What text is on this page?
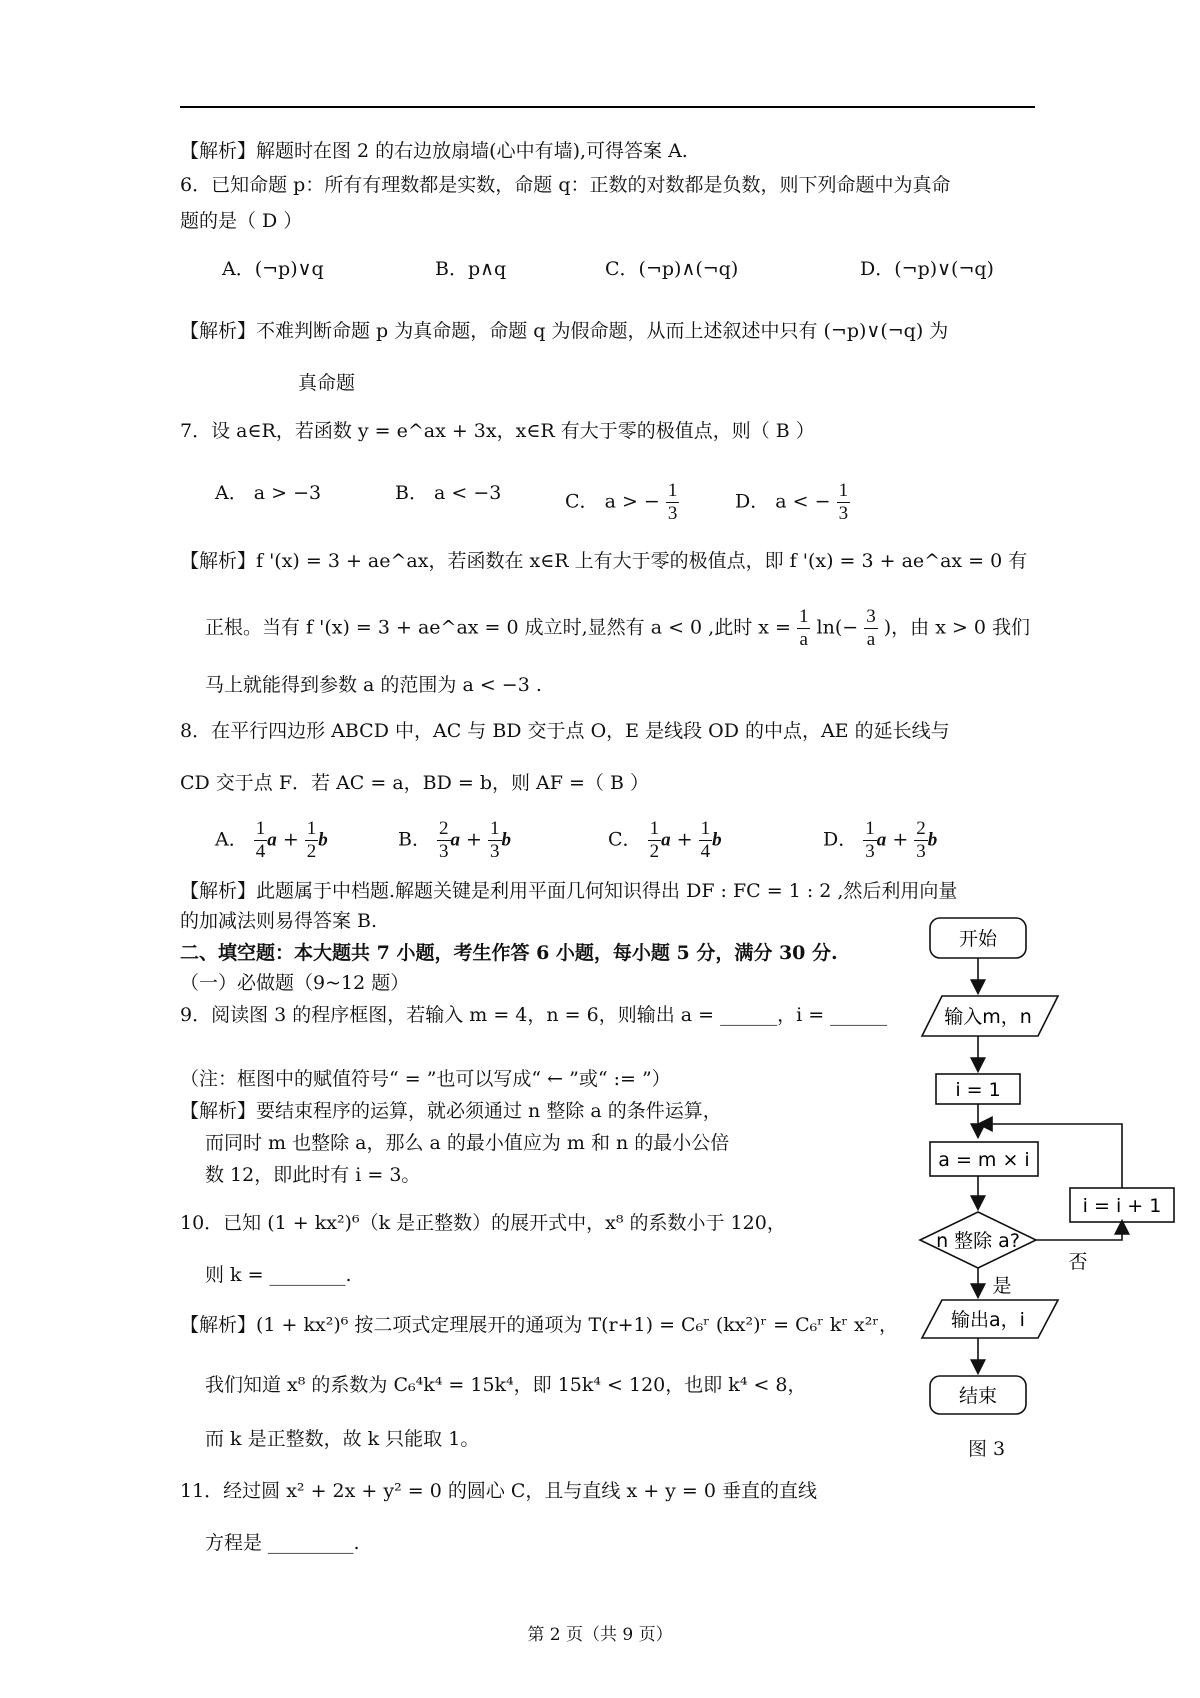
【解析】解题时在图 2 的右边放扇墙(心中有墙),可得答案 A.
6．已知命题 p：所有有理数都是实数，命题 q：正数的对数都是负数，则下列命题中为真命
题的是（ D ）
A．(¬p)∨q	B．p∧q	C．(¬p)∧(¬q)	D．(¬p)∨(¬q)
【解析】不难判断命题 p 为真命题，命题 q 为假命题，从而上述叙述中只有 (¬p)∨(¬q) 为
真命题
7．设 a∈R，若函数 y = e^ax + 3x，x∈R 有大于零的极值点，则（ B ）
A． a > −3	B． a < −3	C． a > − $\frac{1}{3}$	D． a < − $\frac{1}{3}$
【解析】f '(x) = 3 + ae^ax，若函数在 x∈R 上有大于零的极值点，即 f '(x) = 3 + ae^ax = 0 有
正根。当有 f '(x) = 3 + ae^ax = 0 成立时,显然有 a < 0 ,此时 $x = \frac{1}{a} \ln(- \frac{3}{a}$ )，由 x > 0 我们
马上就能得到参数 a 的范围为 a < −3 .
8．在平行四边形 ABCD 中，AC 与 BD 交于点 O，E 是线段 OD 的中点，AE 的延长线与
CD 交于点 F．若 AC = a，BD = b，则 AF =（ B ）
A． $\frac{1}{4}$ $a + \frac{1}{2}$ b	B． $\frac{2}{3}$ $a + \frac{1}{3}$ b	C． $\frac{1}{2}$ $a + \frac{1}{4}$ b	D． $\frac{1}{3}$ $a + \frac{2}{3}$ b
【解析】此题属于中档题.解题关键是利用平面几何知识得出 DF : FC = 1 : 2 ,然后利用向量
的加减法则易得答案 B.
二、填空题：本大题共 7 小题，考生作答 6 小题，每小题 5 分，满分 30 分.
（一）必做题（9~12 题）
9．阅读图 3 的程序框图，若输入 m = 4，n = 6，则输出 a = ______，i = ______
（注：框图中的赋值符号“ = ”也可以写成“ ← ”或“ := ”）
【解析】要结束程序的运算，就必须通过 n 整除 a 的条件运算，
而同时 m 也整除 a，那么 a 的最小值应为 m 和 n 的最小公倍
数 12，即此时有 i = 3。
10．已知 (1 + kx²)⁶（k 是正整数）的展开式中，x⁸ 的系数小于 120，
则 k = ________.
【解析】(1 + kx²)⁶ 按二项式定理展开的通项为 T(r+1) = C₆ʳ (kx²)ʳ = C₆ʳ kʳ x²ʳ，
我们知道 x⁸ 的系数为 C₆⁴k⁴ = 15k⁴，即 15k⁴ < 120，也即 k⁴ < 8，
而 k 是正整数，故 k 只能取 1。
11．经过圆 x² + 2x + y² = 0 的圆心 C，且与直线 x + y = 0 垂直的直线
方程是 _________.
开始
输入m，n
i = 1
a = m × i
n 整除 a?
i = i + 1
否
是
输出a，i
结束
图 3
第 2 页（共 9 页）
